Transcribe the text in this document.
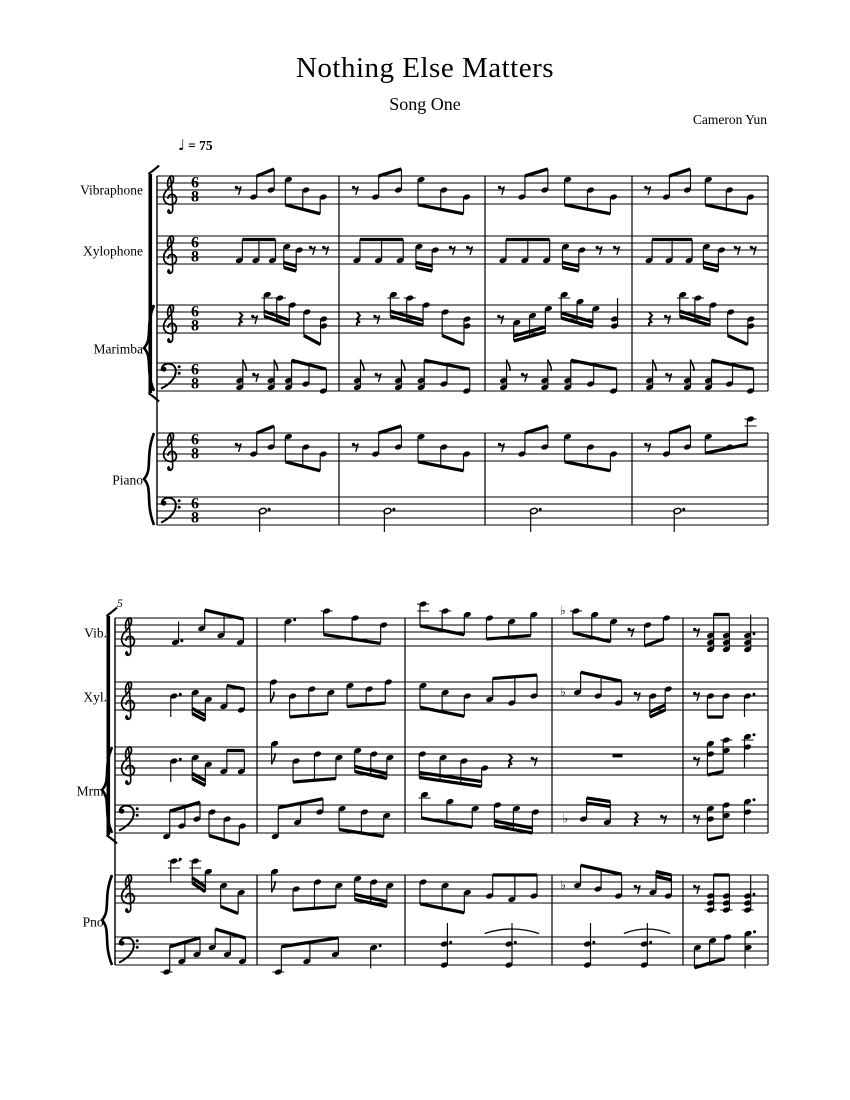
Nothing Else Matters
Song One
Cameron Yun
♩ = 75
Vibraphone
Xylophone
Marimba
Piano
6
8
6
8
6
8
6
8
6
8
6
8
Vib.
Xyl.
Mrm.
Pno.
5	♭
♭
♭
♭
